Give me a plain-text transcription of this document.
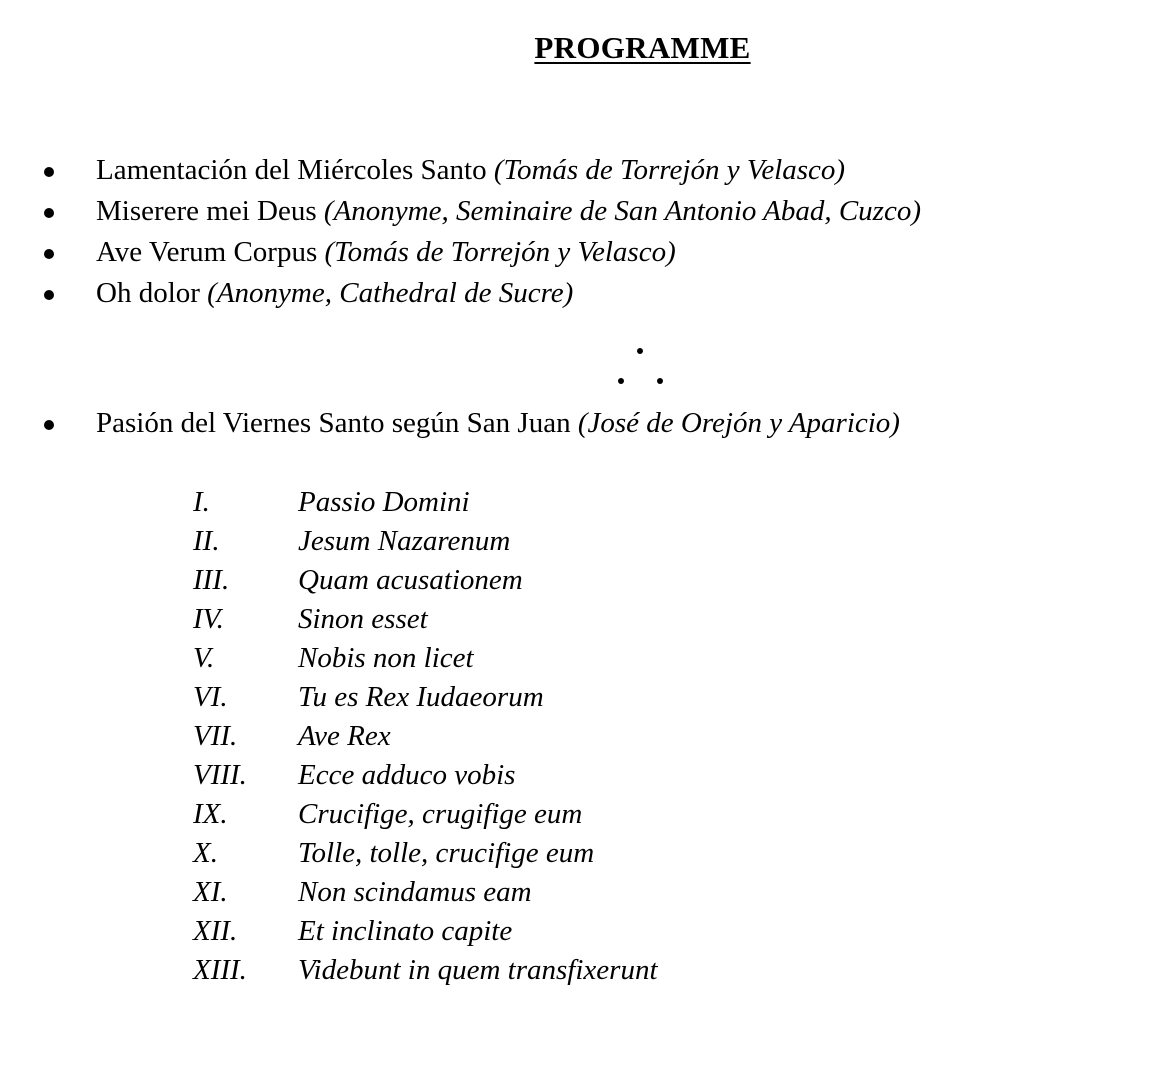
PROGRAMME
Lamentación del Miércoles Santo (Tomás de Torrejón y Velasco)
Miserere mei Deus (Anonyme, Seminaire de San Antonio Abad, Cuzco)
Ave Verum Corpus (Tomás de Torrejón y Velasco)
Oh dolor (Anonyme, Cathedral de Sucre)
Pasión del Viernes Santo según San Juan (José de Orejón y Aparicio)
I.	Passio Domini
II.	Jesum Nazarenum
III. Quam acusationem
IV.	Sinon esset
V.	Nobis non licet
VI. Tu es Rex Iudaeorum
VII. Ave Rex
VIII. Ecce adduco vobis
IX. Crucifige, crugifige eum
X.	Tolle, tolle, crucifige eum
XI. Non scindamus eam
XII. Et inclinato capite
XIII. Videbunt in quem transfixerunt
